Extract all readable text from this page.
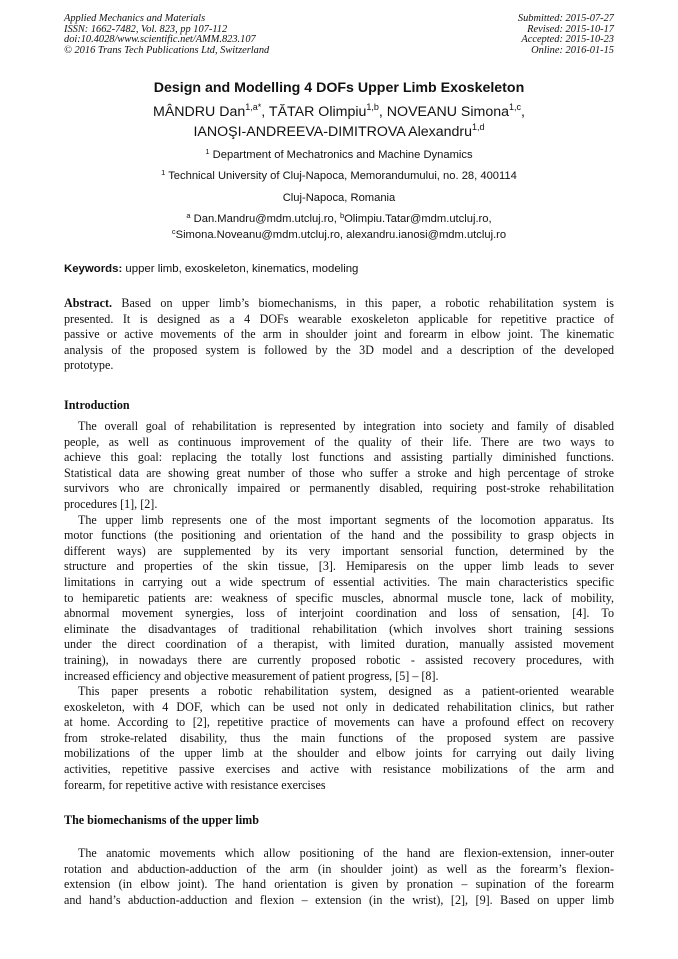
Applied Mechanics and Materials
ISSN: 1662-7482, Vol. 823, pp 107-112
doi:10.4028/www.scientific.net/AMM.823.107
© 2016 Trans Tech Publications Ltd, Switzerland
Submitted: 2015-07-27
Revised: 2015-10-17
Accepted: 2015-10-23
Online: 2016-01-15
Design and Modelling 4 DOFs Upper Limb Exoskeleton
MÂNDRU Dan$^{1,a*}$, TĂTAR Olimpiu$^{1,b}$, NOVEANU Simona$^{1,c}$,
IANOŞI-ANDREEVA-DIMITROVA Alexandru$^{1,d}$
$^1$ Department of Mechatronics and Machine Dynamics
$^1$ Technical University of Cluj-Napoca, Memorandumului, no. 28, 400114
Cluj-Napoca, Romania
$^a$ Dan.Mandru@mdm.utcluj.ro, $^b$Olimpiu.Tatar@mdm.utcluj.ro,
$^c$Simona.Noveanu@mdm.utcluj.ro, alexandru.ianosi@mdm.utcluj.ro
Keywords: upper limb, exoskeleton, kinematics, modeling
Abstract. Based on upper limb’s biomechanisms, in this paper, a robotic rehabilitation system is
presented. It is designed as a 4 DOFs wearable exoskeleton applicable for repetitive practice of
passive or active movements of the arm in shoulder joint and forearm in elbow joint. The kinematic
analysis of the proposed system is followed by the 3D model and a description of the developed
prototype.
Introduction
The overall goal of rehabilitation is represented by integration into society and family of disabled
people, as well as continuous improvement of the quality of their life. There are two ways to
achieve this goal: replacing the totally lost functions and assisting partially diminished functions.
Statistical data are showing great number of those who suffer a stroke and high percentage of stroke
survivors who are chronically impaired or permanently disabled, requiring post-stroke rehabilitation
procedures [1], [2].
The upper limb represents one of the most important segments of the locomotion apparatus. Its
motor functions (the positioning and orientation of the hand and the possibility to grasp objects in
different ways) are supplemented by its very important sensorial function, determined by the
structure and properties of the skin tissue, [3]. Hemiparesis on the upper limb leads to sever
limitations in carrying out a wide spectrum of essential activities. The main characteristics specific
to hemiparetic patients are: weakness of specific muscles, abnormal muscle tone, lack of mobility,
abnormal movement synergies, loss of interjoint coordination and loss of sensation, [4]. To
eliminate the disadvantages of traditional rehabilitation (which involves short training sessions
under the direct coordination of a therapist, with limited duration, manually assisted movement
training), in nowadays there are currently proposed robotic - assisted recovery procedures, with
increased efficiency and objective measurement of patient progress, [5] – [8].
This paper presents a robotic rehabilitation system, designed as a patient-oriented wearable
exoskeleton, with 4 DOF, which can be used not only in dedicated rehabilitation clinics, but rather
at home. According to [2], repetitive practice of movements can have a profound effect on recovery
from stroke-related disability, thus the main functions of the proposed system are passive
mobilizations of the upper limb at the shoulder and elbow joints for carrying out daily living
activities, repetitive passive exercises and active with resistance mobilizations of the arm and
forearm, for repetitive active with resistance exercises
The biomechanisms of the upper limb
The anatomic movements which allow positioning of the hand are flexion-extension, inner-outer
rotation and abduction-adduction of the arm (in shoulder joint) as well as the forearm’s flexion-
extension (in elbow joint). The hand orientation is given by pronation – supination of the forearm
and hand’s abduction-adduction and flexion – extension (in the wrist), [2], [9]. Based on upper limb
